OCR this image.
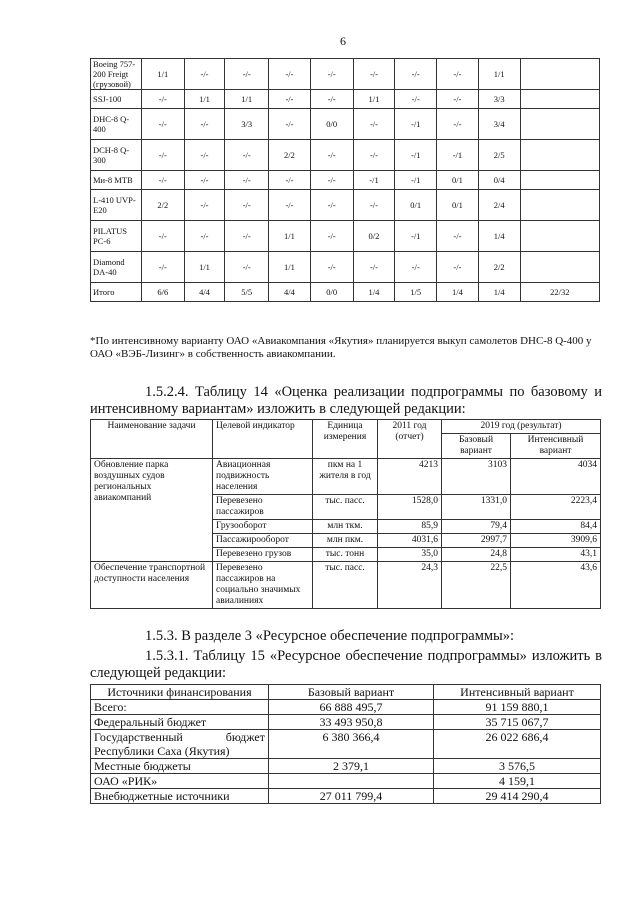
6
Boeing 757-200 Freigt (грузовой)	1/1	-/-	-/-	-/-	-/-	-/-	-/-	-/-	1/1	
SSJ-100	-/-	1/1	1/1	-/-	-/-	1/1	-/-	-/-	3/3	
DHC-8 Q-400	-/-	-/-	3/3	-/-	0/0	-/-	-/1	-/-	3/4	
DCH-8 Q-300	-/-	-/-	-/-	2/2	-/-	-/-	-/1	-/1	2/5	
Ми-8 МТВ	-/-	-/-	-/-	-/-	-/-	-/1	-/1	0/1	0/4	
L-410 UVP-E20	2/2	-/-	-/-	-/-	-/-	-/-	0/1	0/1	2/4	
PILATUS PC-6	-/-	-/-	-/-	1/1	-/-	0/2	-/1	-/-	1/4	
Diamond DA-40	-/-	1/1	-/-	1/1	-/-	-/-	-/-	-/-	2/2	
Итого	6/6	4/4	5/5	4/4	0/0	1/4	1/5	1/4	1/4	22/32
*По интенсивному варианту ОАО «Авиакомпания «Якутия» планируется выкуп самолетов DHC-8 Q-400 у ОАО «ВЭБ-Лизинг» в собственность авиакомпании.
1.5.2.4. Таблицу 14 «Оценка реализации подпрограммы по базовому и интенсивному вариантам» изложить в следующей редакции:
Наименование задачи	Целевой индикатор	Единица измерения	2011 год (отчет)	2019 год (результат)	
				Базовый вариант	Интенсивный вариант
Обновление парка воздушных судов региональных авиакомпаний	Авиационная подвижность населения	пкм на 1 жителя в год	4213	3103	4034
	Перевезено пассажиров	тыс. пасс.	1528,0	1331,0	2223,4
	Грузооборот	млн ткм.	85,9	79,4	84,4
	Пассажирооборот	млн пкм.	4031,6	2997,7	3909,6
	Перевезено грузов	тыс. тонн	35,0	24,8	43,1
Обеспечение транспортной доступности населения	Перевезено пассажиров на социально значимых авиалиниях	тыс. пасс.	24,3	22,5	43,6
1.5.3. В разделе 3 «Ресурсное обеспечение подпрограммы»:
1.5.3.1. Таблицу 15 «Ресурсное обеспечение подпрограммы» изложить в следующей редакции:
Источники финансирования	Базовый вариант	Интенсивный вариант
Всего:	66 888 495,7	91 159 880,1
Федеральный бюджет	33 493 950,8	35 715 067,7

Государственный бюджет
Республики Саха (Якутия)	6 380 366,4	26 022 686,4
Местные бюджеты	2 379,1	3 576,5
ОАО «РИК»		4 159,1
Внебюджетные источники	27 011 799,4	29 414 290,4
